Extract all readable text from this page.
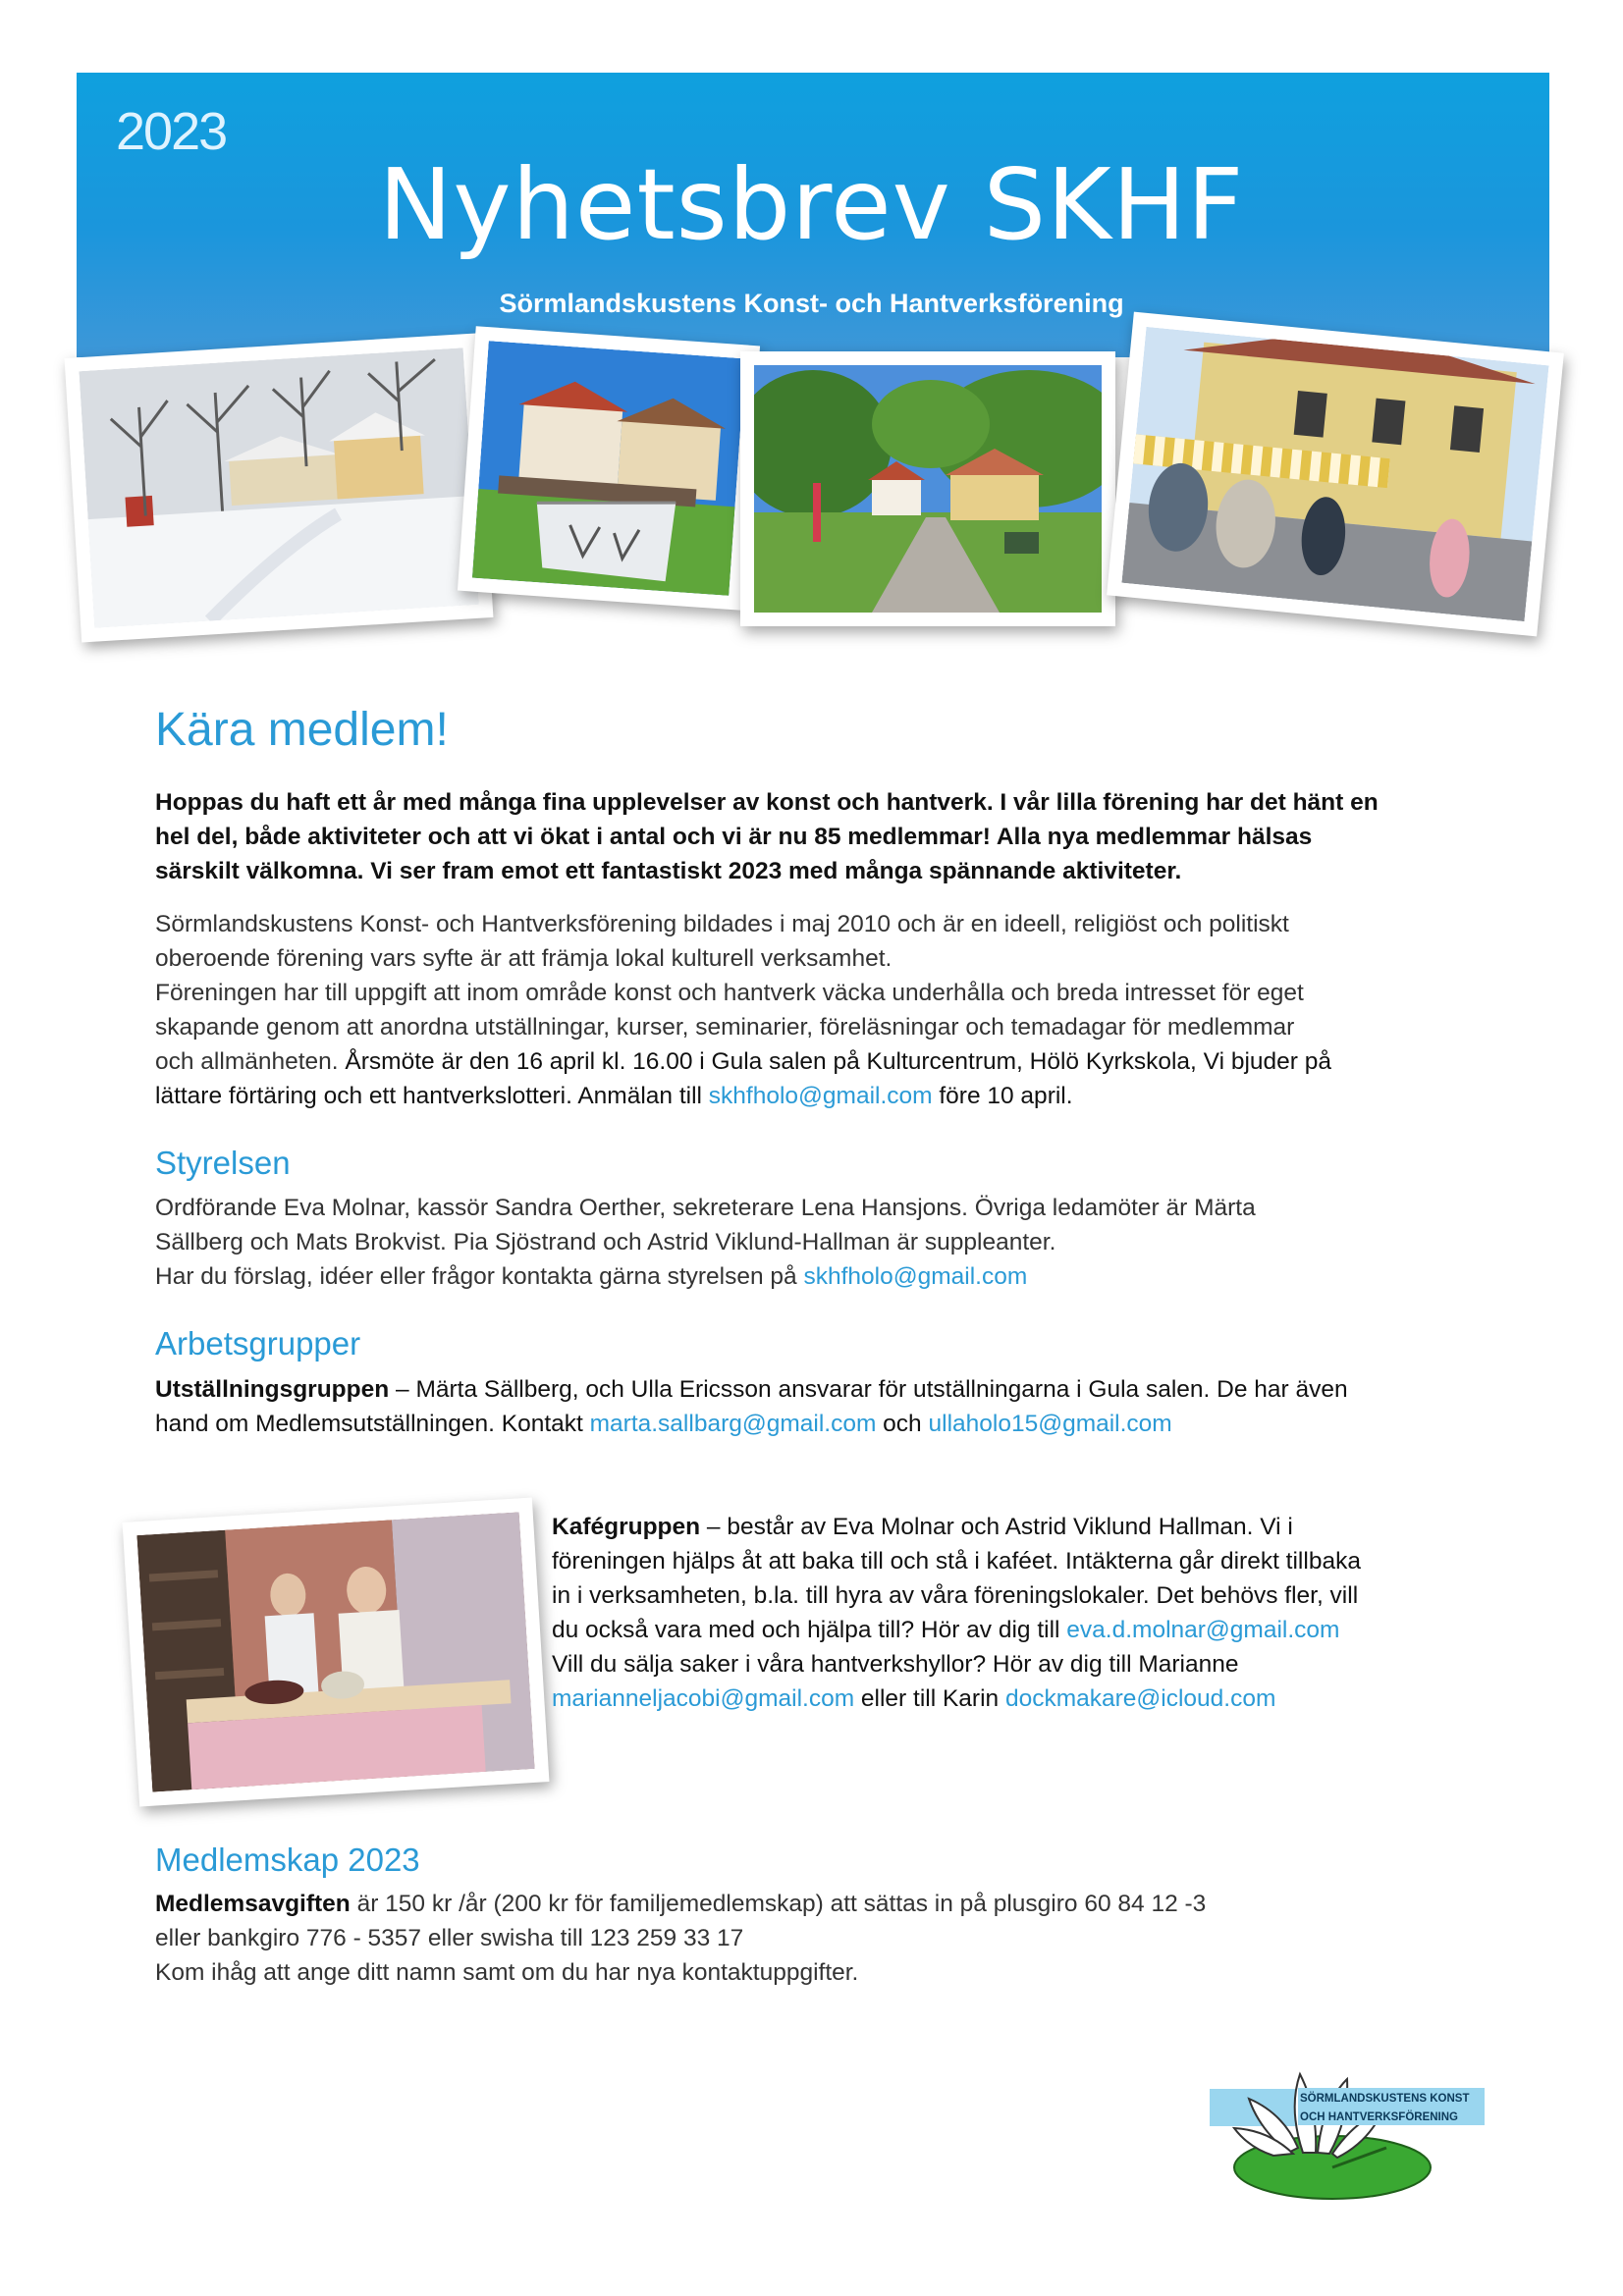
2023
Nyhetsbrev SKHF
Sörmlandskustens Konst- och Hantverksförening
Kära medlem!
Hoppas du haft ett år med många fina upplevelser av konst och hantverk. I vår lilla förening har det hänt en
hel del, både aktiviteter och att vi ökat i antal och vi är nu 85 medlemmar! Alla nya medlemmar hälsas
särskilt välkomna. Vi ser fram emot ett fantastiskt 2023 med många spännande aktiviteter.
Sörmlandskustens Konst- och Hantverksförening bildades i maj 2010 och är en ideell, religiöst och politiskt
oberoende förening vars syfte är att främja lokal kulturell verksamhet.
Föreningen har till uppgift att inom område konst och hantverk väcka underhålla och breda intresset för eget
skapande genom att anordna utställningar, kurser, seminarier, föreläsningar och temadagar för medlemmar
och allmänheten. Årsmöte är den 16 april kl. 16.00 i Gula salen på Kulturcentrum, Hölö Kyrkskola, Vi bjuder på
lättare förtäring och ett hantverkslotteri. Anmälan till skhfholo@gmail.com före 10 april.
Styrelsen
Ordförande Eva Molnar, kassör Sandra Oerther, sekreterare Lena Hansjons. Övriga ledamöter är Märta
Sällberg och Mats Brokvist. Pia Sjöstrand och Astrid Viklund-Hallman är suppleanter.
Har du förslag, idéer eller frågor kontakta gärna styrelsen på skhfholo@gmail.com
Arbetsgrupper
Utställningsgruppen – Märta Sällberg, och Ulla Ericsson ansvarar för utställningarna i Gula salen. De har även
hand om Medlemsutställningen. Kontakt marta.sallbarg@gmail.com och ullaholo15@gmail.com
Kafégruppen – består av Eva Molnar och Astrid Viklund Hallman. Vi i
föreningen hjälps åt att baka till och stå i kaféet. Intäkterna går direkt tillbaka
in i verksamheten, b.la. till hyra av våra föreningslokaler. Det behövs fler, vill
du också vara med och hjälpa till? Hör av dig till eva.d.molnar@gmail.com
Vill du sälja saker i våra hantverkshyllor? Hör av dig till Marianne
marianneljacobi@gmail.com eller till Karin dockmakare@icloud.com
Medlemskap 2023
Medlemsavgiften är 150 kr /år (200 kr för familjemedlemskap) att sättas in på plusgiro 60 84 12 -3
eller bankgiro 776 - 5357 eller swisha till 123 259 33 17
Kom ihåg att ange ditt namn samt om du har nya kontaktuppgifter.
SÖRMLANDSKUSTENS KONST
OCH HANTVERKSFÖRENING
